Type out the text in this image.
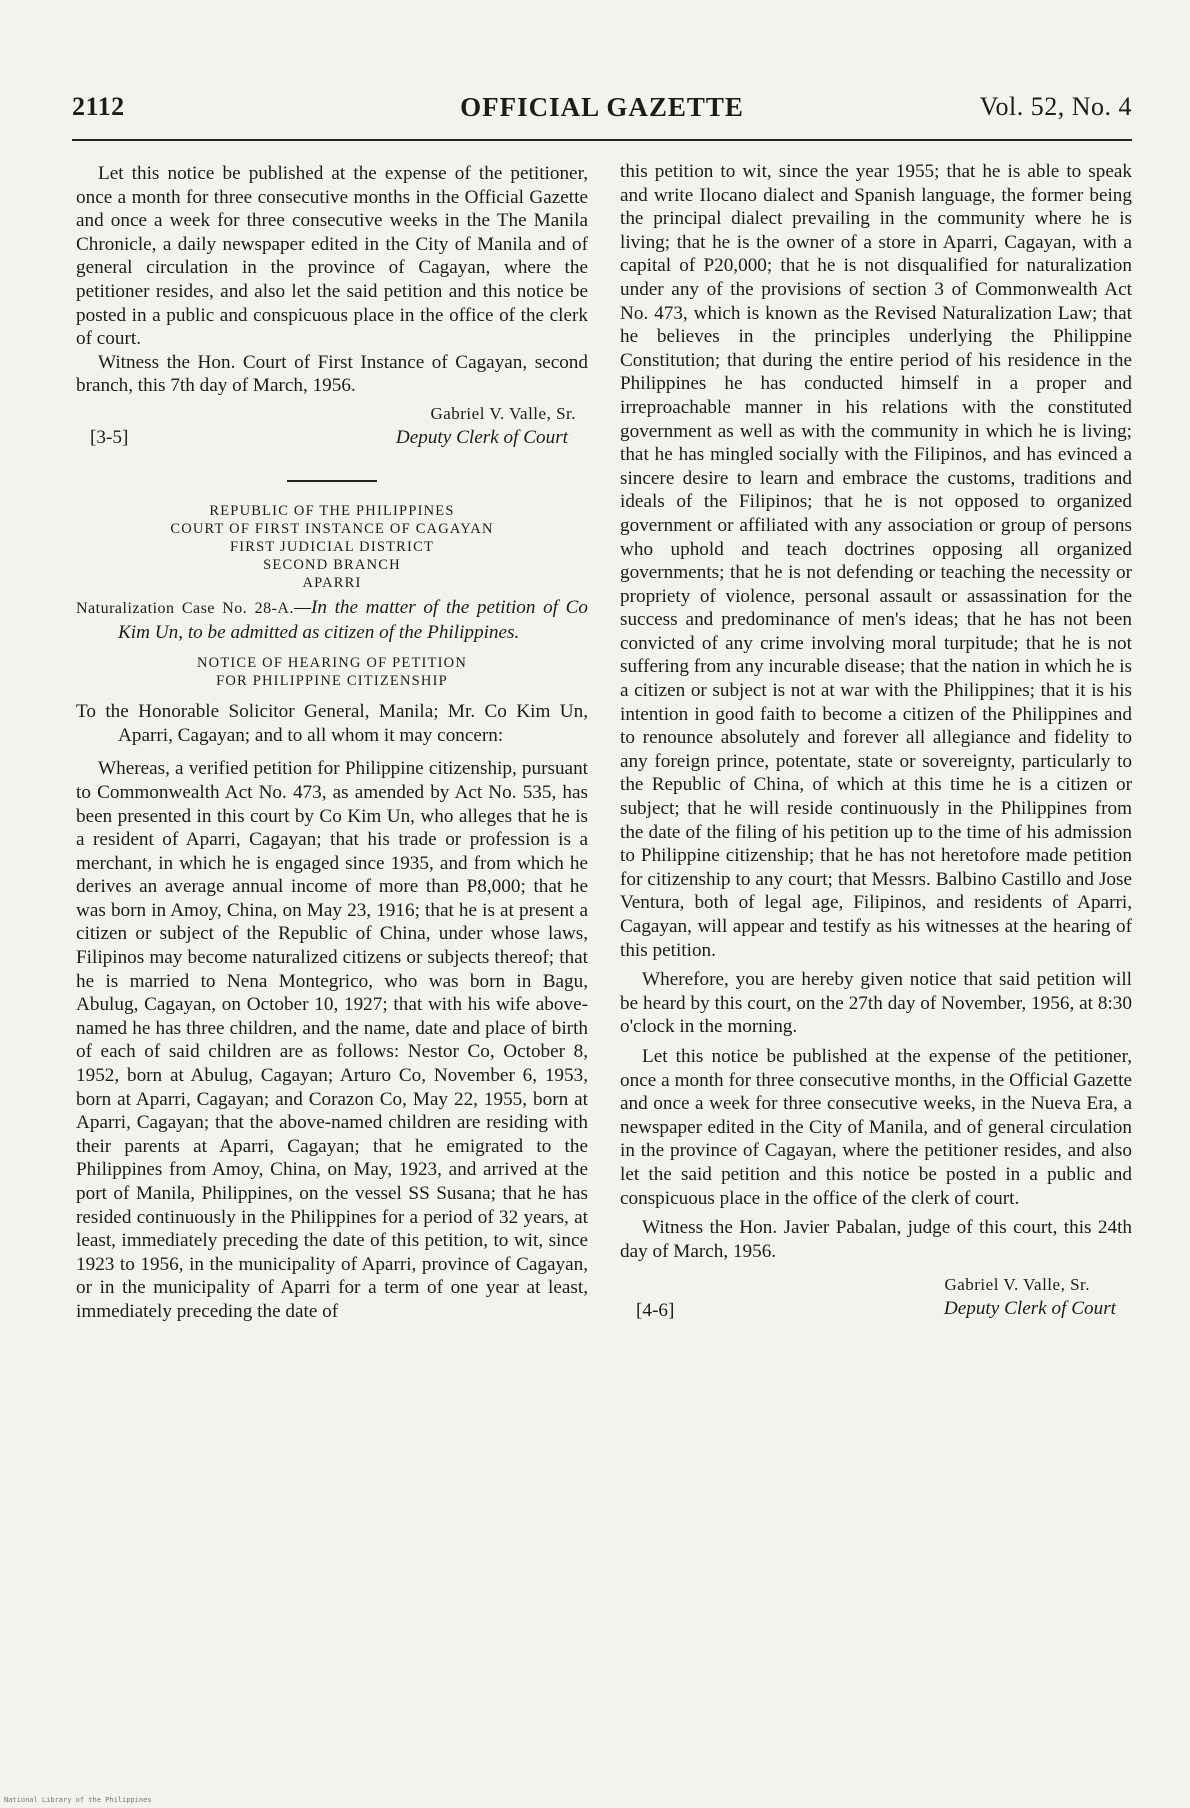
2112	OFFICIAL GAZETTE	Vol. 52, No. 4

Let this notice be published at the expense of the petitioner, once a month for three consecutive months in the Official Gazette and once a week for three consecutive weeks in the The Manila Chronicle, a daily newspaper edited in the City of Manila and of general circulation in the province of Cagayan, where the petitioner resides, and also let the said petition and this notice be posted in a public and conspicuous place in the office of the clerk of court.

Witness the Hon. Court of First Instance of Cagayan, second branch, this 7th day of March, 1956.

Gabriel V. Valle, Sr.
[3-5]	Deputy Clerk of Court
REPUBLIC OF THE PHILIPPINES
COURT OF FIRST INSTANCE OF CAGAYAN
FIRST JUDICIAL DISTRICT
SECOND BRANCH
APARRI

Naturalization Case No. 28-A.—In the matter of the petition of Co Kim Un, to be admitted as citizen of the Philippines.

NOTICE OF HEARING OF PETITION
FOR PHILIPPINE CITIZENSHIP

To the Honorable Solicitor General, Manila; Mr. Co Kim Un, Aparri, Cagayan; and to all whom it may concern:

Whereas, a verified petition for Philippine citizenship, pursuant to Commonwealth Act No. 473, as amended by Act No. 535, has been presented in this court by Co Kim Un, who alleges that he is a resident of Aparri, Cagayan; that his trade or profession is a merchant, in which he is engaged since 1935, and from which he derives an average annual income of more than P8,000; that he was born in Amoy, China, on May 23, 1916; that he is at present a citizen or subject of the Republic of China, under whose laws, Filipinos may become naturalized citizens or subjects thereof; that he is married to Nena Montegrico, who was born in Bagu, Abulug, Cagayan, on October 10, 1927; that with his wife above-named he has three children, and the name, date and place of birth of each of said children are as follows: Nestor Co, October 8, 1952, born at Abulug, Cagayan; Arturo Co, November 6, 1953, born at Aparri, Cagayan; and Corazon Co, May 22, 1955, born at Aparri, Cagayan; that the above-named children are residing with their parents at Aparri, Cagayan; that he emigrated to the Philippines from Amoy, China, on May, 1923, and arrived at the port of Manila, Philippines, on the vessel SS Susana; that he has resided continuously in the Philippines for a period of 32 years, at least, immediately preceding the date of this petition, to wit, since 1923 to 1956, in the municipality of Aparri, province of Cagayan, or in the municipality of Aparri for a term of one year at least, immediately preceding the date of

this petition to wit, since the year 1955; that he is able to speak and write Ilocano dialect and Spanish language, the former being the principal dialect prevailing in the community where he is living; that he is the owner of a store in Aparri, Cagayan, with a capital of P20,000; that he is not disqualified for naturalization under any of the provisions of section 3 of Commonwealth Act No. 473, which is known as the Revised Naturalization Law; that he believes in the principles underlying the Philippine Constitution; that during the entire period of his residence in the Philippines he has conducted himself in a proper and irreproachable manner in his relations with the constituted government as well as with the community in which he is living; that he has mingled socially with the Filipinos, and has evinced a sincere desire to learn and embrace the customs, traditions and ideals of the Filipinos; that he is not opposed to organized government or affiliated with any association or group of persons who uphold and teach doctrines opposing all organized governments; that he is not defending or teaching the necessity or propriety of violence, personal assault or assassination for the success and predominance of men's ideas; that he has not been convicted of any crime involving moral turpitude; that he is not suffering from any incurable disease; that the nation in which he is a citizen or subject is not at war with the Philippines; that it is his intention in good faith to become a citizen of the Philippines and to renounce absolutely and forever all allegiance and fidelity to any foreign prince, potentate, state or sovereignty, particularly to the Republic of China, of which at this time he is a citizen or subject; that he will reside continuously in the Philippines from the date of the filing of his petition up to the time of his admission to Philippine citizenship; that he has not heretofore made petition for citizenship to any court; that Messrs. Balbino Castillo and Jose Ventura, both of legal age, Filipinos, and residents of Aparri, Cagayan, will appear and testify as his witnesses at the hearing of this petition.

Wherefore, you are hereby given notice that said petition will be heard by this court, on the 27th day of November, 1956, at 8:30 o'clock in the morning.

Let this notice be published at the expense of the petitioner, once a month for three consecutive months, in the Official Gazette and once a week for three consecutive weeks, in the Nueva Era, a newspaper edited in the City of Manila, and of general circulation in the province of Cagayan, where the petitioner resides, and also let the said petition and this notice be posted in a public and conspicuous place in the office of the clerk of court.

Witness the Hon. Javier Pabalan, judge of this court, this 24th day of March, 1956.

Gabriel V. Valle, Sr.
[4-6]	Deputy Clerk of Court
National Library of the Philippines
